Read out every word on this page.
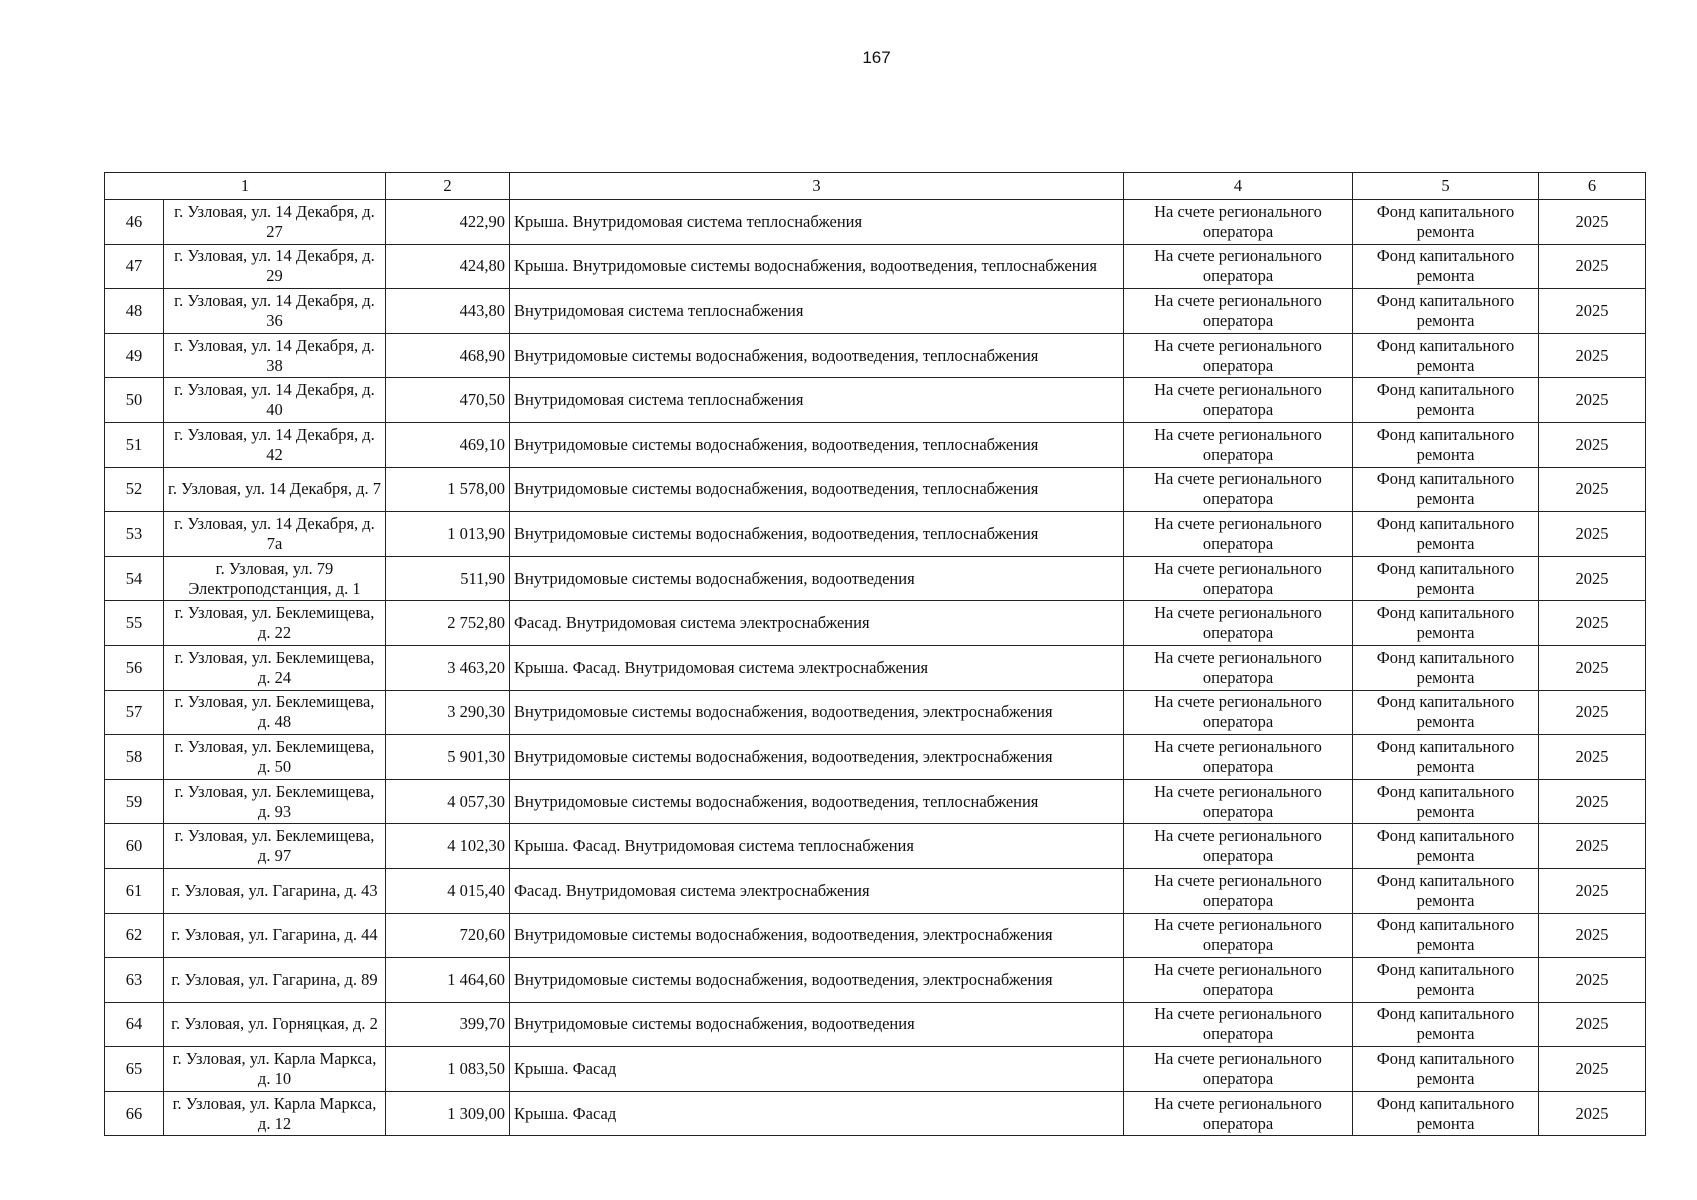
167
1		2	3	4	5	6
46	г. Узловая, ул. 14 Декабря, д. 27	422,90	Крыша. Внутридомовая система теплоснабжения	На счете регионального оператора	Фонд капитального ремонта	2025
47	г. Узловая, ул. 14 Декабря, д. 29	424,80	Крыша. Внутридомовые системы водоснабжения, водоотведения, теплоснабжения	На счете регионального оператора	Фонд капитального ремонта	2025
48	г. Узловая, ул. 14 Декабря, д. 36	443,80	Внутридомовая система теплоснабжения	На счете регионального оператора	Фонд капитального ремонта	2025
49	г. Узловая, ул. 14 Декабря, д. 38	468,90	Внутридомовые системы водоснабжения, водоотведения, теплоснабжения	На счете регионального оператора	Фонд капитального ремонта	2025
50	г. Узловая, ул. 14 Декабря, д. 40	470,50	Внутридомовая система теплоснабжения	На счете регионального оператора	Фонд капитального ремонта	2025
51	г. Узловая, ул. 14 Декабря, д. 42	469,10	Внутридомовые системы водоснабжения, водоотведения, теплоснабжения	На счете регионального оператора	Фонд капитального ремонта	2025
52	г. Узловая, ул. 14 Декабря, д. 7	1 578,00	Внутридомовые системы водоснабжения, водоотведения, теплоснабжения	На счете регионального оператора	Фонд капитального ремонта	2025
53	г. Узловая, ул. 14 Декабря, д. 7а	1 013,90	Внутридомовые системы водоснабжения, водоотведения, теплоснабжения	На счете регионального оператора	Фонд капитального ремонта	2025
54	г. Узловая, ул. 79 Электроподстанция, д. 1	511,90	Внутридомовые системы водоснабжения, водоотведения	На счете регионального оператора	Фонд капитального ремонта	2025
55	г. Узловая, ул. Беклемищева, д. 22	2 752,80	Фасад. Внутридомовая система электроснабжения	На счете регионального оператора	Фонд капитального ремонта	2025
56	г. Узловая, ул. Беклемищева, д. 24	3 463,20	Крыша. Фасад. Внутридомовая система электроснабжения	На счете регионального оператора	Фонд капитального ремонта	2025
57	г. Узловая, ул. Беклемищева, д. 48	3 290,30	Внутридомовые системы водоснабжения, водоотведения, электроснабжения	На счете регионального оператора	Фонд капитального ремонта	2025
58	г. Узловая, ул. Беклемищева, д. 50	5 901,30	Внутридомовые системы водоснабжения, водоотведения, электроснабжения	На счете регионального оператора	Фонд капитального ремонта	2025
59	г. Узловая, ул. Беклемищева, д. 93	4 057,30	Внутридомовые системы водоснабжения, водоотведения, теплоснабжения	На счете регионального оператора	Фонд капитального ремонта	2025
60	г. Узловая, ул. Беклемищева, д. 97	4 102,30	Крыша. Фасад. Внутридомовая система теплоснабжения	На счете регионального оператора	Фонд капитального ремонта	2025
61	г. Узловая, ул. Гагарина, д. 43	4 015,40	Фасад. Внутридомовая система электроснабжения	На счете регионального оператора	Фонд капитального ремонта	2025
62	г. Узловая, ул. Гагарина, д. 44	720,60	Внутридомовые системы водоснабжения, водоотведения, электроснабжения	На счете регионального оператора	Фонд капитального ремонта	2025
63	г. Узловая, ул. Гагарина, д. 89	1 464,60	Внутридомовые системы водоснабжения, водоотведения, электроснабжения	На счете регионального оператора	Фонд капитального ремонта	2025
64	г. Узловая, ул. Горняцкая, д. 2	399,70	Внутридомовые системы водоснабжения, водоотведения	На счете регионального оператора	Фонд капитального ремонта	2025
65	г. Узловая, ул. Карла Маркса, д. 10	1 083,50	Крыша. Фасад	На счете регионального оператора	Фонд капитального ремонта	2025
66	г. Узловая, ул. Карла Маркса, д. 12	1 309,00	Крыша. Фасад	На счете регионального оператора	Фонд капитального ремонта	2025
